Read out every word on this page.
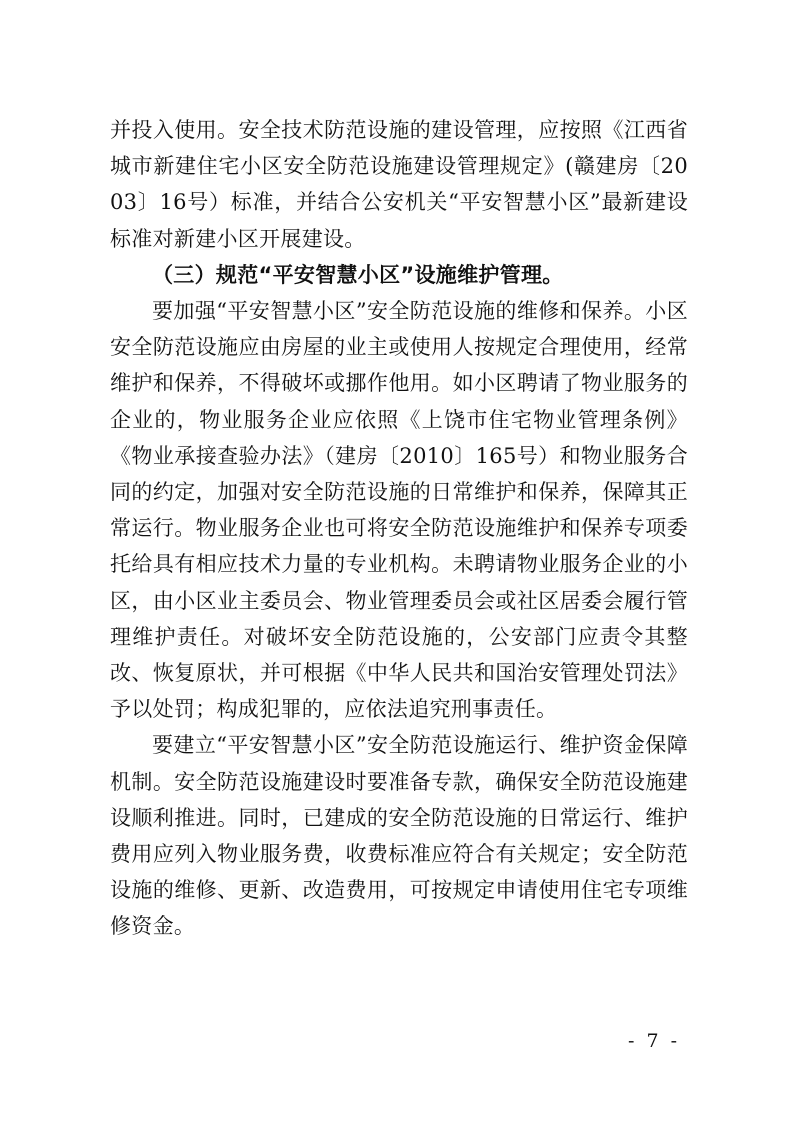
并投入使用。安全技术防范设施的建设管理，应按照《江西省城市新建住宅小区安全防范设施建设管理规定》(赣建房〔2003〕16号）标准，并结合公安机关“平安智慧小区”最新建设标准对新建小区开展建设。

（三）规范“平安智慧小区”设施维护管理。

要加强“平安智慧小区”安全防范设施的维修和保养。小区安全防范设施应由房屋的业主或使用人按规定合理使用，经常维护和保养，不得破坏或挪作他用。如小区聘请了物业服务的企业的，物业服务企业应依照《上饶市住宅物业管理条例》《物业承接查验办法》（建房〔2010〕165号）和物业服务合同的约定，加强对安全防范设施的日常维护和保养，保障其正常运行。物业服务企业也可将安全防范设施维护和保养专项委托给具有相应技术力量的专业机构。未聘请物业服务企业的小区，由小区业主委员会、物业管理委员会或社区居委会履行管理维护责任。对破坏安全防范设施的，公安部门应责令其整改、恢复原状，并可根据《中华人民共和国治安管理处罚法》予以处罚；构成犯罪的，应依法追究刑事责任。

要建立“平安智慧小区”安全防范设施运行、维护资金保障机制。安全防范设施建设时要准备专款，确保安全防范设施建设顺利推进。同时，已建成的安全防范设施的日常运行、维护费用应列入物业服务费，收费标准应符合有关规定；安全防范设施的维修、更新、改造费用，可按规定申请使用住宅专项维修资金。

- 7 -
